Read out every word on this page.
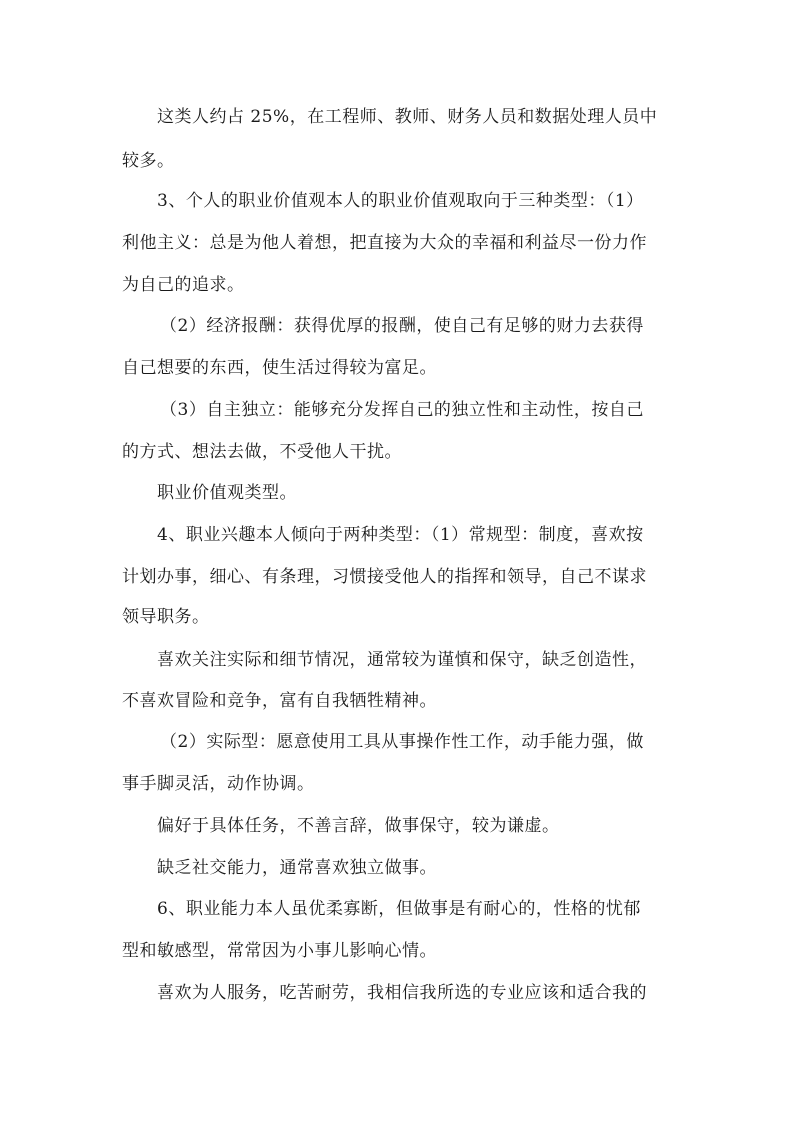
这类人约占 25%，在工程师、教师、财务人员和数据处理人员中
较多。
3、个人的职业价值观本人的职业价值观取向于三种类型：（1）
利他主义：总是为他人着想，把直接为大众的幸福和利益尽一份力作
为自己的追求。
（2）经济报酬：获得优厚的报酬，使自己有足够的财力去获得
自己想要的东西，使生活过得较为富足。
（3）自主独立：能够充分发挥自己的独立性和主动性，按自己
的方式、想法去做，不受他人干扰。
职业价值观类型。
4、职业兴趣本人倾向于两种类型：（1）常规型：制度，喜欢按
计划办事，细心、有条理，习惯接受他人的指挥和领导，自己不谋求
领导职务。
喜欢关注实际和细节情况，通常较为谨慎和保守，缺乏创造性，
不喜欢冒险和竞争，富有自我牺牲精神。
（2）实际型：愿意使用工具从事操作性工作，动手能力强，做
事手脚灵活，动作协调。
偏好于具体任务，不善言辞，做事保守，较为谦虚。
缺乏社交能力，通常喜欢独立做事。
6、职业能力本人虽优柔寡断，但做事是有耐心的，性格的忧郁
型和敏感型，常常因为小事儿影响心情。
喜欢为人服务，吃苦耐劳，我相信我所选的专业应该和适合我的
